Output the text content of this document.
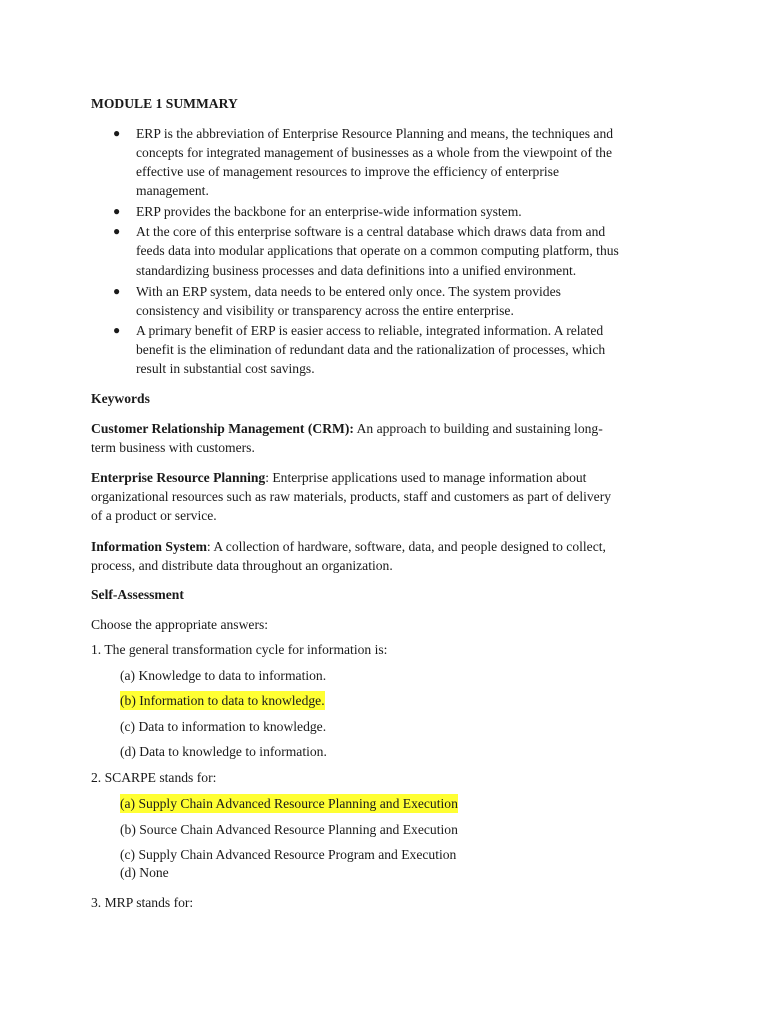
MODULE 1 SUMMARY
● ERP is the abbreviation of Enterprise Resource Planning and means, the techniques and
concepts for integrated management of businesses as a whole from the viewpoint of the
effective use of management resources to improve the efficiency of enterprise
management.
● ERP provides the backbone for an enterprise-wide information system.
● At the core of this enterprise software is a central database which draws data from and
feeds data into modular applications that operate on a common computing platform, thus
standardizing business processes and data definitions into a unified environment.
● With an ERP system, data needs to be entered only once. The system provides
consistency and visibility or transparency across the entire enterprise.
● A primary benefit of ERP is easier access to reliable, integrated information. A related
benefit is the elimination of redundant data and the rationalization of processes, which
result in substantial cost savings.
Keywords
Customer Relationship Management (CRM): An approach to building and sustaining long-
term business with customers.
Enterprise Resource Planning: Enterprise applications used to manage information about
organizational resources such as raw materials, products, staff and customers as part of delivery
of a product or service.
Information System: A collection of hardware, software, data, and people designed to collect,
process, and distribute data throughout an organization.
Self-Assessment
Choose the appropriate answers:
1. The general transformation cycle for information is:
(a) Knowledge to data to information.
(b) Information to data to knowledge.
(c) Data to information to knowledge.
(d) Data to knowledge to information.
2. SCARPE stands for:
(a) Supply Chain Advanced Resource Planning and Execution
(b) Source Chain Advanced Resource Planning and Execution
(c) Supply Chain Advanced Resource Program and Execution
(d) None
3. MRP stands for:
